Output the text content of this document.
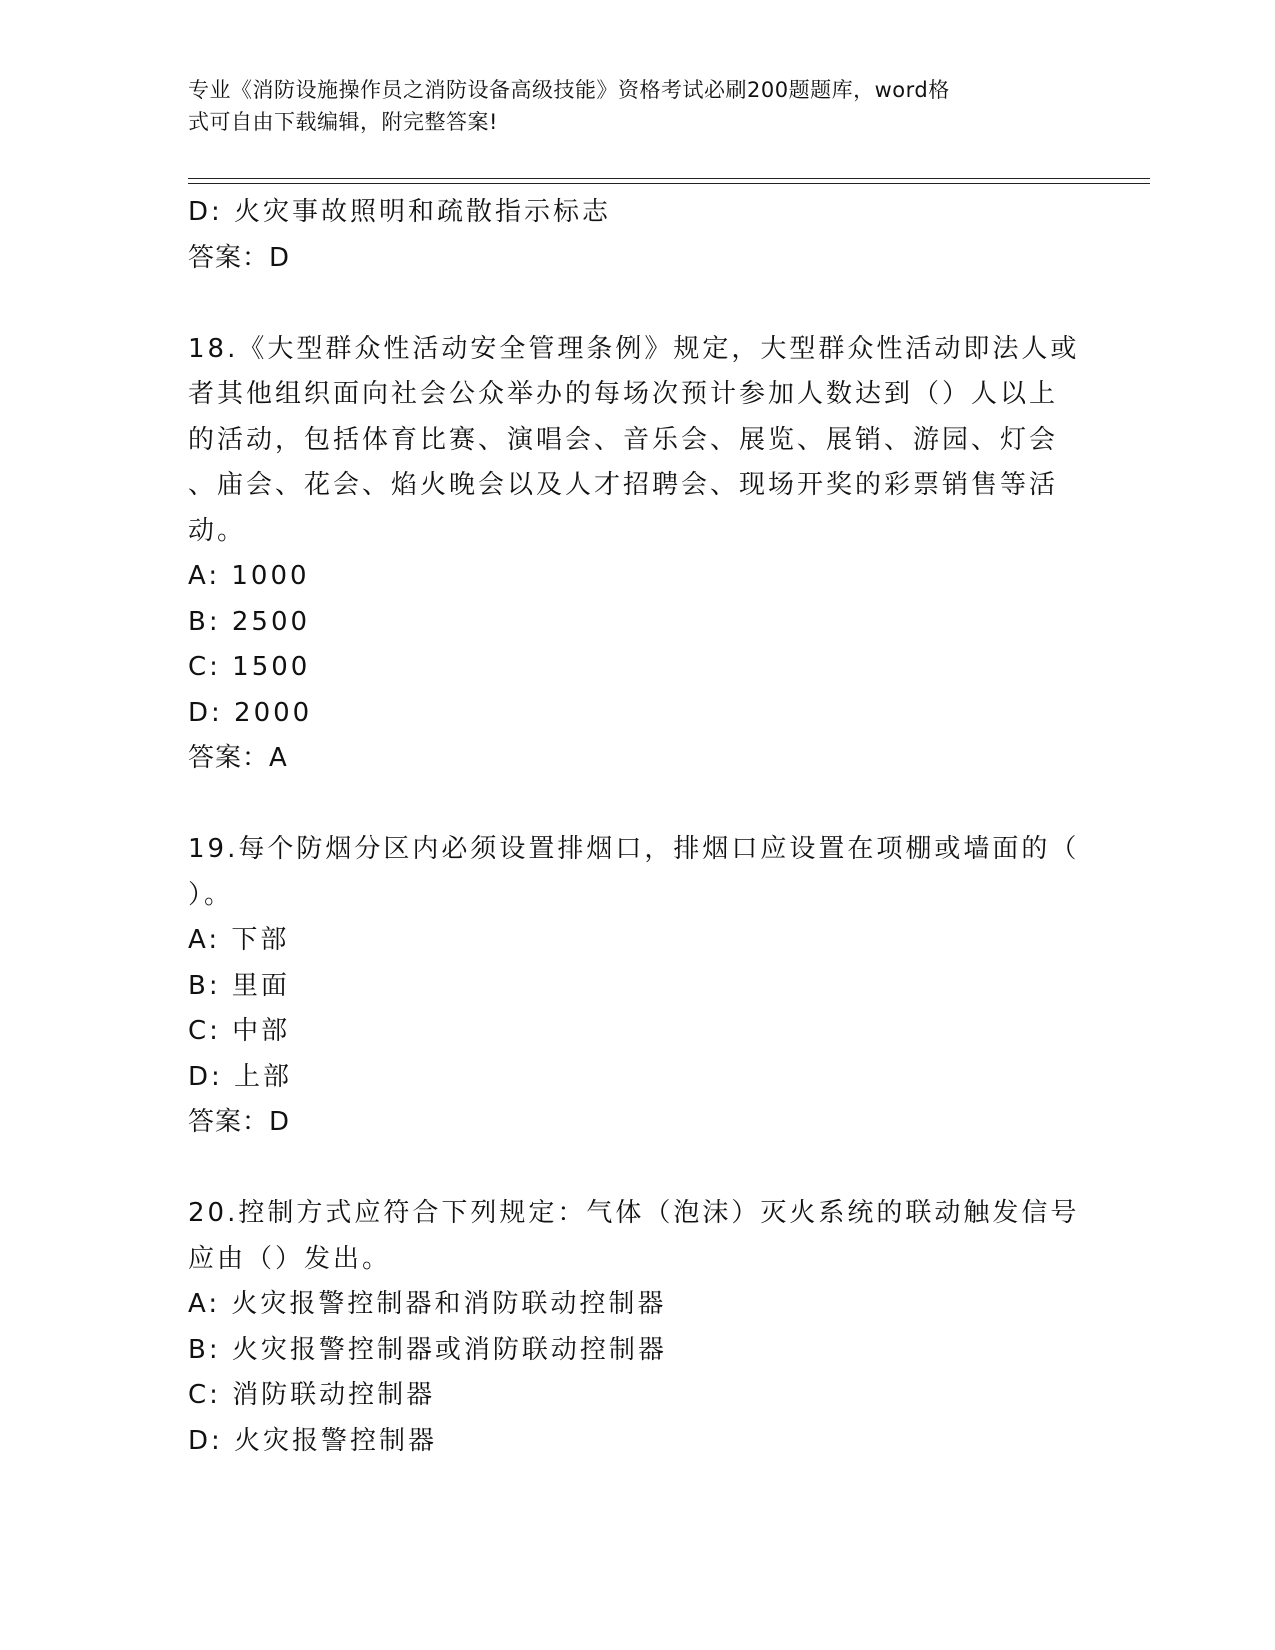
专业《消防设施操作员之消防设备高级技能》资格考试必刷200题题库，word格
式可自由下载编辑，附完整答案!
D: 火灾事故照明和疏散指示标志
答案：D
18.《大型群众性活动安全管理条例》规定，大型群众性活动即法人或
者其他组织面向社会公众举办的每场次预计参加人数达到（）人以上
的活动，包括体育比赛、演唱会、音乐会、展览、展销、游园、灯会
、庙会、花会、焰火晚会以及人才招聘会、现场开奖的彩票销售等活
动。
A: 1000
B: 2500
C: 1500
D: 2000
答案：A
19.每个防烟分区内必须设置排烟口，排烟口应设置在项棚或墙面的（
）。
A: 下部
B: 里面
C: 中部
D: 上部
答案：D
20.控制方式应符合下列规定：气体（泡沫）灭火系统的联动触发信号
应由（）发出。
A: 火灾报警控制器和消防联动控制器
B: 火灾报警控制器或消防联动控制器
C: 消防联动控制器
D: 火灾报警控制器
